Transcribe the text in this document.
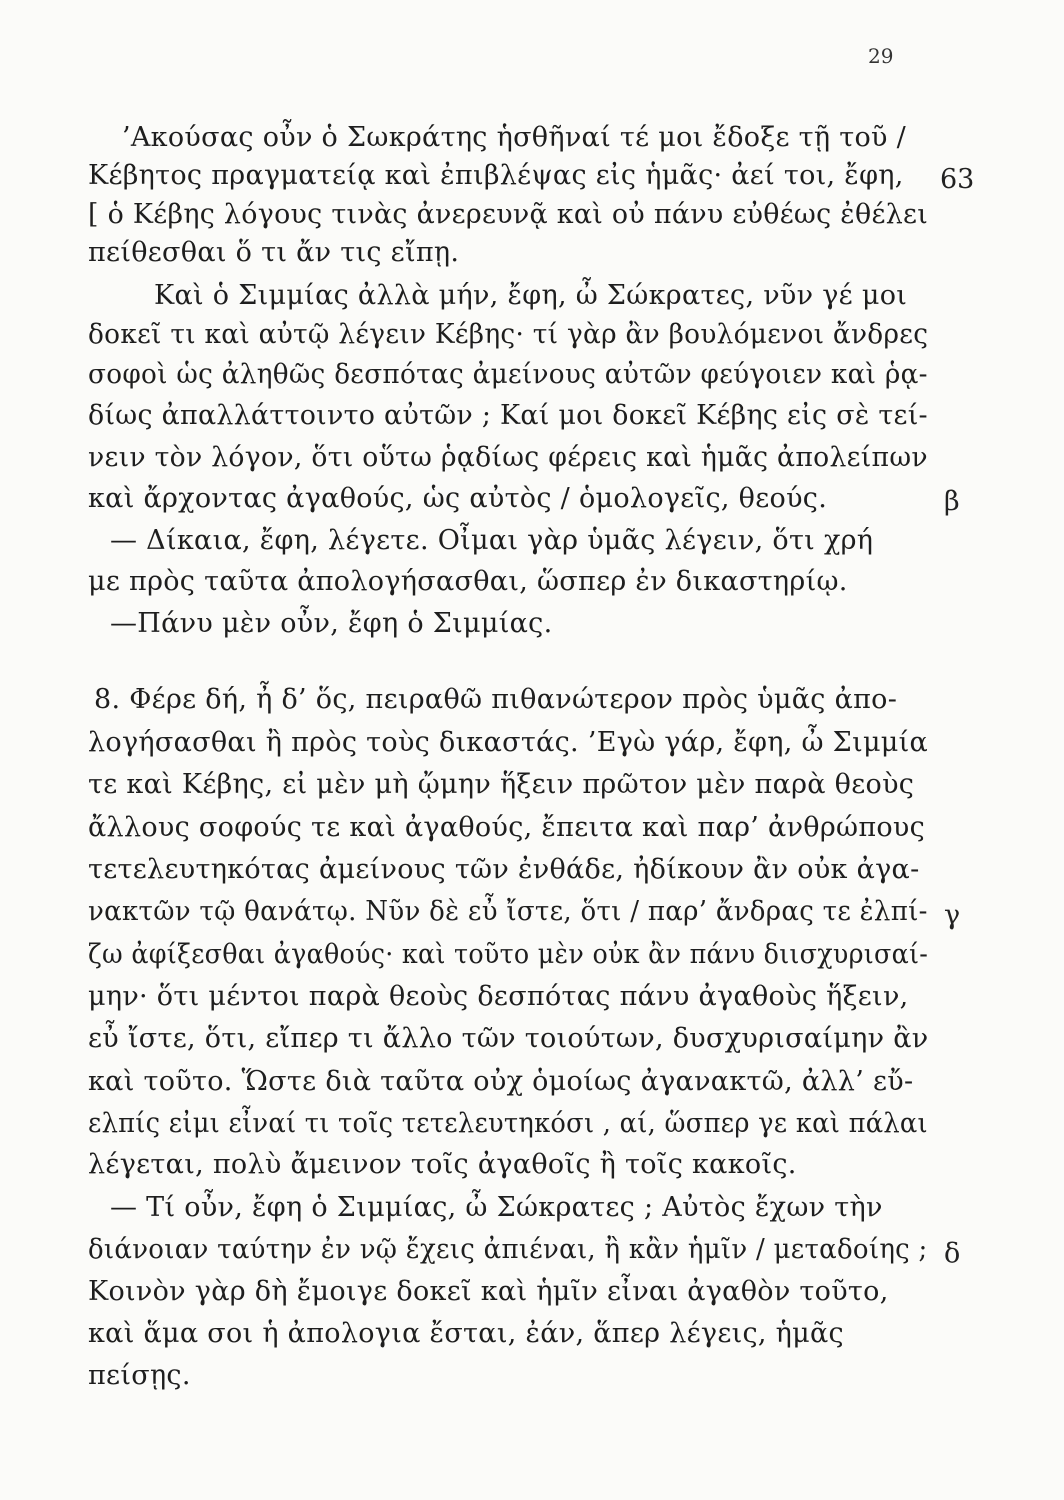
29
’Ακούσας οὖν ὁ Σωκράτης ἡσθῆναί τέ μοι ἔδοξε τῇ τοῦ /
Κέβητος πραγματείᾳ καὶ ἐπιβλέψας εἰς ἡμᾶς· ἀεί τοι, ἔφη,
[ ὁ Κέβης λόγους τινὰς ἀνερευνᾷ καὶ οὐ πάνυ εὐθέως ἐθέλει
πείθεσθαι ὅ τι ἄν τις εἴπῃ.
Καὶ ὁ Σιμμίας ἀλλὰ μήν, ἔφη, ὦ Σώκρατες, νῦν γέ μοι
δοκεῖ τι καὶ αὐτῷ λέγειν Κέβης· τί γὰρ ἂν βουλόμενοι ἄνδρες
σοφοὶ ὡς ἀληθῶς δεσπότας ἀμείνους αὐτῶν φεύγοιεν καὶ ῥᾳ-
δίως ἀπαλλάττοιντο αὐτῶν ; Καί μοι δοκεῖ Κέβης εἰς σὲ τεί-
νειν τὸν λόγον, ὅτι οὕτω ῥᾳδίως φέρεις καὶ ἡμᾶς ἀπολείπων
καὶ ἄρχοντας ἀγαθούς, ὡς αὐτὸς / ὁμολογεῖς, θεούς.
— Δίκαια, ἔφη, λέγετε. Οἶμαι γὰρ ὑμᾶς λέγειν, ὅτι χρή
με πρὸς ταῦτα ἀπολογήσασθαι, ὥσπερ ἐν δικαστηρίῳ.
—Πάνυ μὲν οὖν, ἔφη ὁ Σιμμίας.
8. Φέρε δή, ἦ δ’ ὅς, πειραθῶ πιθανώτερον πρὸς ὑμᾶς ἀπο-
λογήσασθαι ἢ πρὸς τοὺς δικαστάς. ’Εγὼ γάρ, ἔφη, ὦ Σιμμία
τε καὶ Κέβης, εἰ μὲν μὴ ᾤμην ἥξειν πρῶτον μὲν παρὰ θεοὺς
ἄλλους σοφούς τε καὶ ἀγαθούς, ἔπειτα καὶ παρ’ ἀνθρώπους
τετελευτηκότας ἀμείνους τῶν ἐνθάδε, ἠδίκουν ἂν οὐκ ἀγα-
νακτῶν τῷ θανάτῳ. Νῦν δὲ εὖ ἴστε, ὅτι / παρ’ ἄνδρας τε ἐλπί-
ζω ἀφίξεσθαι ἀγαθούς· καὶ τοῦτο μὲν οὐκ ἂν πάνυ διισχυρισαί-
μην· ὅτι μέντοι παρὰ θεοὺς δεσπότας πάνυ ἀγαθοὺς ἥξειν,
εὖ ἴστε, ὅτι, εἴπερ τι ἄλλο τῶν τοιούτων, δυσχυρισαίμην ἂν
καὶ τοῦτο. Ὥστε διὰ ταῦτα οὐχ ὁμοίως ἀγανακτῶ, ἀλλ’ εὔ-
ελπίς εἰμι εἶναί τι τοῖς τετελευτηκόσι , αί, ὥσπερ γε καὶ πάλαι
λέγεται, πολὺ ἄμεινον τοῖς ἀγαθοῖς ἢ τοῖς κακοῖς.
— Τί οὖν, ἔφη ὁ Σιμμίας, ὦ Σώκρατες ; Αὐτὸς ἔχων τὴν
διάνοιαν ταύτην ἐν νῷ ἔχεις ἀπιέναι, ἢ κἂν ἡμῖν / μεταδοίης ;
Κοινὸν γὰρ δὴ ἔμοιγε δοκεῖ καὶ ἡμῖν εἶναι ἀγαθὸν τοῦτο,
καὶ ἅμα σοι ἡ ἀπολογια ἔσται, ἐάν, ἅπερ λέγεις, ἡμᾶς
πείσῃς.
63
β
γ
δ
